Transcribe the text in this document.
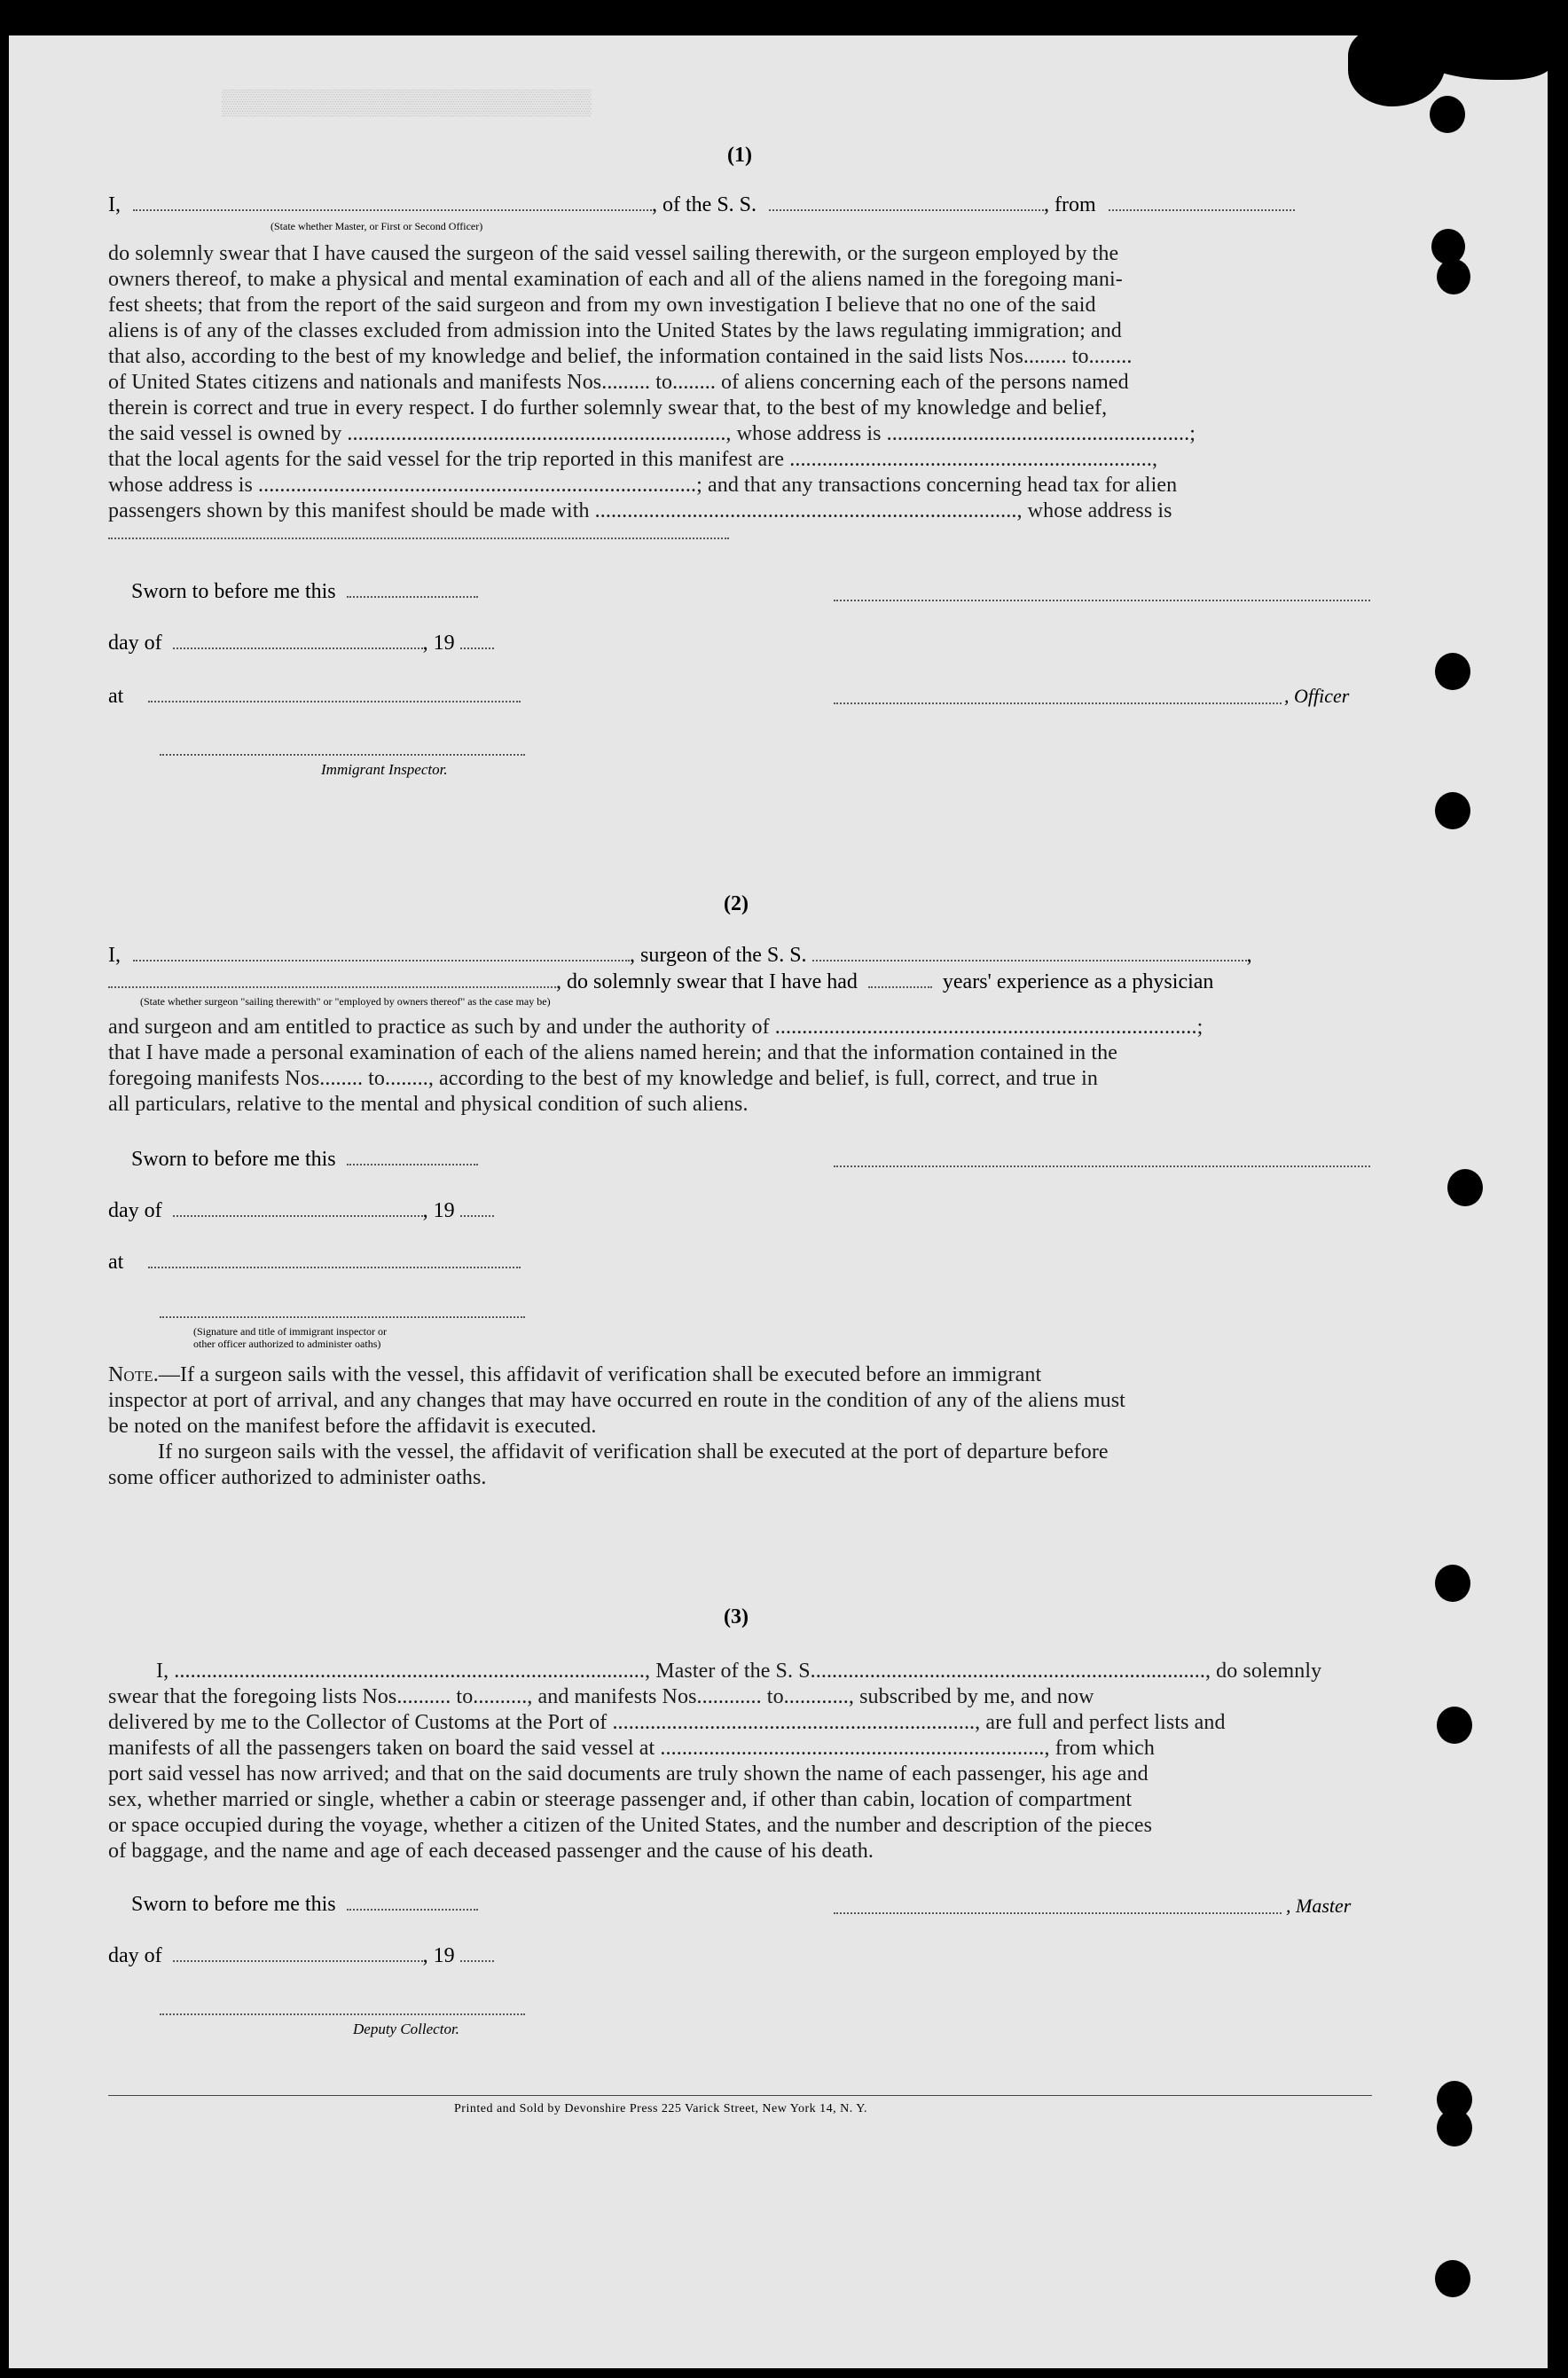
▒▒▒▒▒▒▒▒▒▒▒▒▒▒▒▒▒▒▒▒▒
(1)
I,	, of the S. S.	, from
(State whether Master, or First or Second Officer)
do solemnly swear that I have caused the surgeon of the said vessel sailing therewith, or the surgeon employed by the
owners thereof, to make a physical and mental examination of each and all of the aliens named in the foregoing mani-
fest sheets; that from the report of the said surgeon and from my own investigation I believe that no one of the said
aliens is of any of the classes excluded from admission into the United States by the laws regulating immigration; and
that also, according to the best of my knowledge and belief, the information contained in the said lists Nos........ to........
of United States citizens and nationals and manifests Nos......... to........ of aliens concerning each of the persons named
therein is correct and true in every respect. I do further solemnly swear that, to the best of my knowledge and belief,
the said vessel is owned by ......................................................................, whose address is ........................................................;
that the local agents for the said vessel for the trip reported in this manifest are ...................................................................,
whose address is .................................................................................; and that any transactions concerning head tax for alien
passengers shown by this manifest should be made with .............................................................................., whose address is
Sworn to before me this
day of	, 19
at	, Officer
Immigrant Inspector.
(2)
I,	, surgeon of the S. S.	,
, do solemnly swear that I have had	years' experience as a physician
(State whether surgeon "sailing therewith" or "employed by owners thereof" as the case may be)
and surgeon and am entitled to practice as such by and under the authority of ..............................................................................;
that I have made a personal examination of each of the aliens named herein; and that the information contained in the
foregoing manifests Nos........ to........, according to the best of my knowledge and belief, is full, correct, and true in
all particulars, relative to the mental and physical condition of such aliens.
Sworn to before me this
day of	, 19
at
(Signature and title of immigrant inspector or
other officer authorized to administer oaths)
Note.—If a surgeon sails with the vessel, this affidavit of verification shall be executed before an immigrant
inspector at port of arrival, and any changes that may have occurred en route in the condition of any of the aliens must
be noted on the manifest before the affidavit is executed.
If no surgeon sails with the vessel, the affidavit of verification shall be executed at the port of departure before
some officer authorized to administer oaths.
(3)
I, ......................................................................................., Master of the S. S........................................................................., do solemnly
swear that the foregoing lists Nos.......... to.........., and manifests Nos............ to............, subscribed by me, and now
delivered by me to the Collector of Customs at the Port of ..................................................................., are full and perfect lists and
manifests of all the passengers taken on board the said vessel at ......................................................................., from which
port said vessel has now arrived; and that on the said documents are truly shown the name of each passenger, his age and
sex, whether married or single, whether a cabin or steerage passenger and, if other than cabin, location of compartment
or space occupied during the voyage, whether a citizen of the United States, and the number and description of the pieces
of baggage, and the name and age of each deceased passenger and the cause of his death.
Sworn to before me this	, Master
day of	, 19
Deputy Collector.
Printed and Sold by Devonshire Press 225 Varick Street, New York 14, N. Y.
